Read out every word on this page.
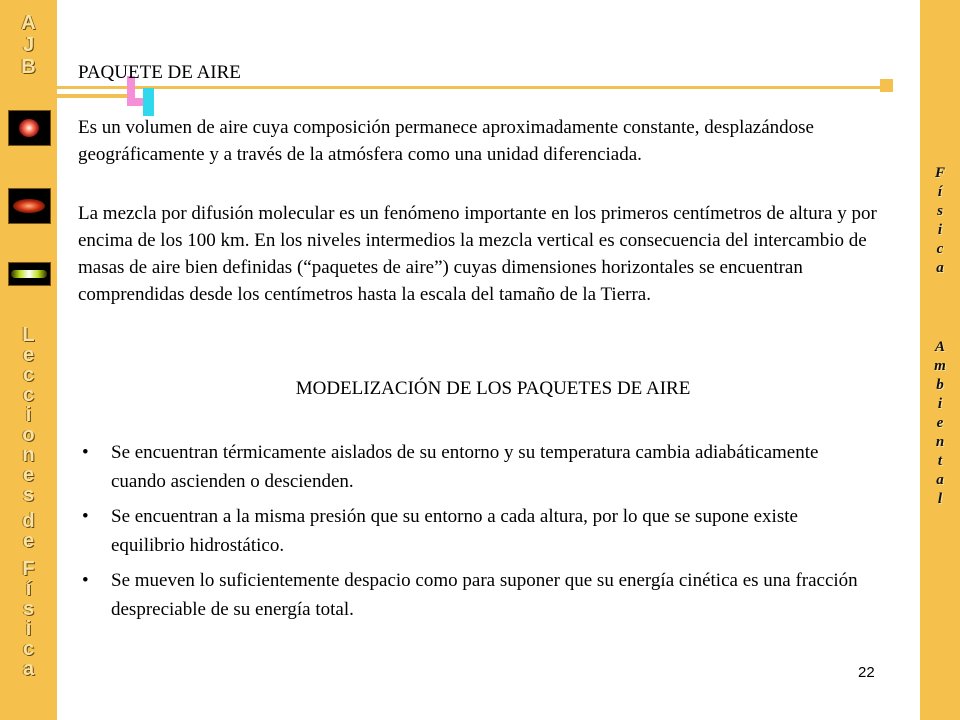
A
J
B
L
e
c
c
i
o
n
e
s
d
e
F
í
s
i
c
a
F
í
s
i
c
a
A
m
b
i
e
n
t
a
l
PAQUETE DE AIRE
Es un volumen de aire cuya composición permanece aproximadamente constante, desplazándose geográficamente y a través de la atmósfera como una unidad diferenciada.
La mezcla por difusión molecular es un fenómeno importante en los primeros centímetros de altura y por encima de los 100 km. En los niveles intermedios la mezcla vertical es consecuencia del intercambio de masas de aire bien definidas (“paquetes de aire”) cuyas dimensiones horizontales se encuentran comprendidas desde los centímetros hasta la escala del tamaño de la Tierra.
MODELIZACIÓN DE LOS PAQUETES DE AIRE
• Se encuentran térmicamente aislados de su entorno y su temperatura cambia adiabáticamente cuando ascienden o descienden.
• Se encuentran a la misma presión que su entorno a cada altura, por lo que se supone existe equilibrio hidrostático.
• Se mueven lo suficientemente despacio como para suponer que su energía cinética es una fracción despreciable de su energía total.
22
